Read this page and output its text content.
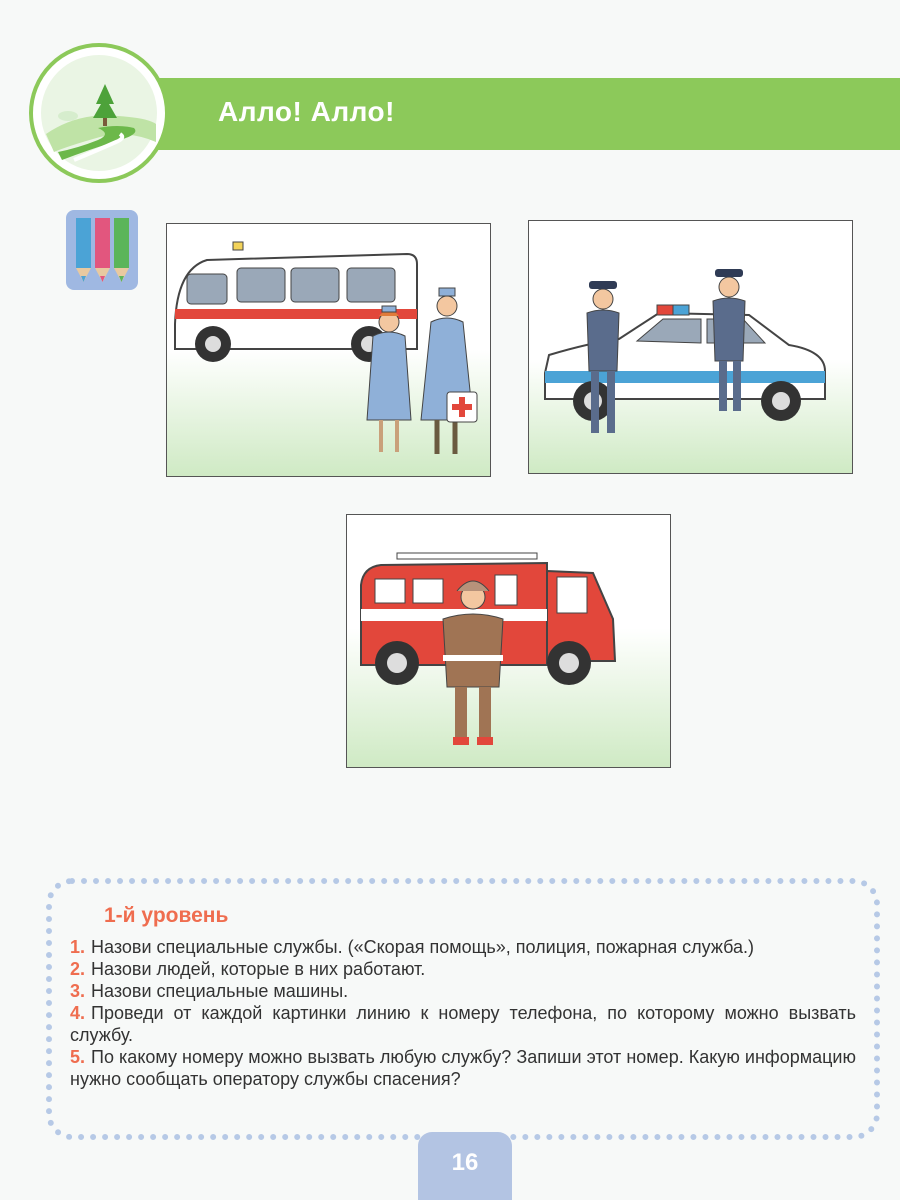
Алло! Алло!
1-й уровень
1. Назови специальные службы. («Скорая помощь», полиция, пожарная служба.)
2. Назови людей, которые в них работают.
3. Назови специальные машины.
4. Проведи от каждой картинки линию к номеру телефона, по которому можно вызвать службу.
5. По какому номеру можно вызвать любую службу? Запиши этот номер. Какую информацию нужно сообщать оператору службы спасения?
16
